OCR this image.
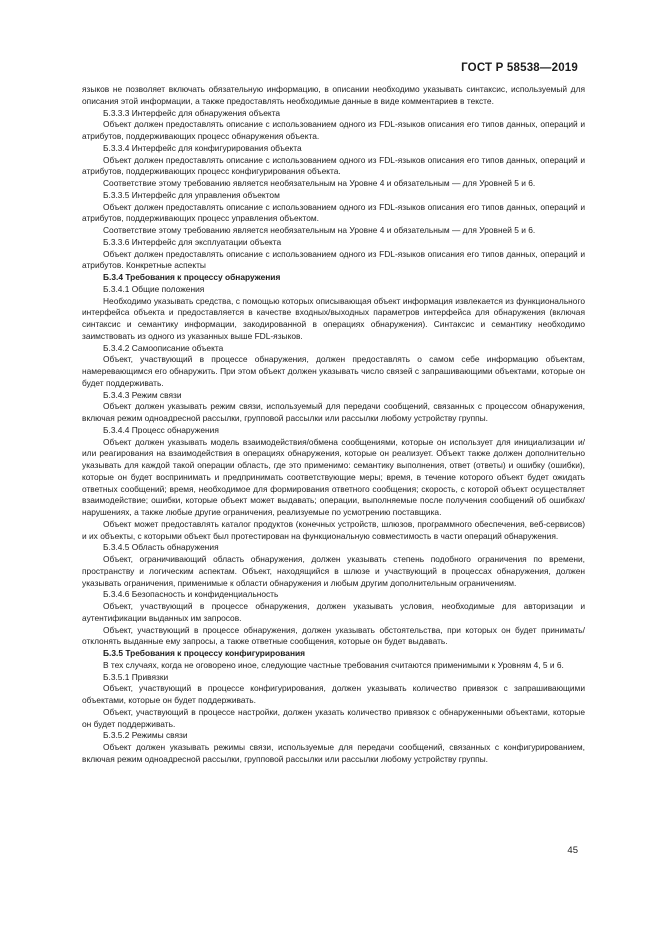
ГОСТ Р 58538—2019

языков не позволяет включать обязательную информацию, в описании необходимо указывать синтаксис, используемый для описания этой информации, а также предоставлять необходимые данные в виде комментариев в тексте.

Б.3.3.3 Интерфейс для обнаружения объекта

Объект должен предоставлять описание с использованием одного из FDL-языков описания его типов данных, операций и атрибутов, поддерживающих процесс обнаружения объекта.

Б.3.3.4 Интерфейс для конфигурирования объекта

Объект должен предоставлять описание с использованием одного из FDL-языков описания его типов данных, операций и атрибутов, поддерживающих процесс конфигурирования объекта.

Соответствие этому требованию является необязательным на Уровне 4 и обязательным — для Уровней 5 и 6.

Б.3.3.5 Интерфейс для управления объектом

Объект должен предоставлять описание с использованием одного из FDL-языков описания его типов данных, операций и атрибутов, поддерживающих процесс управления объектом.

Соответствие этому требованию является необязательным на Уровне 4 и обязательным — для Уровней 5 и 6.

Б.3.3.6 Интерфейс для эксплуатации объекта

Объект должен предоставлять описание с использованием одного из FDL-языков описания его типов данных, операций и атрибутов. Конкретные аспекты

Б.3.4 Требования к процессу обнаружения

Б.3.4.1 Общие положения

Необходимо указывать средства, с помощью которых описывающая объект информация извлекается из функционального интерфейса объекта и предоставляется в качестве входных/выходных параметров интерфейса для обнаружения (включая синтаксис и семантику информации, закодированной в операциях обнаружения). Синтаксис и семантику необходимо заимствовать из одного из указанных выше FDL-языков.

Б.3.4.2 Самоописание объекта

Объект, участвующий в процессе обнаружения, должен предоставлять о самом себе информацию объектам, намеревающимся его обнаружить. При этом объект должен указывать число связей с запрашивающими объектами, которые он будет поддерживать.

Б.3.4.3 Режим связи

Объект должен указывать режим связи, используемый для передачи сообщений, связанных с процессом обнаружения, включая режим одноадресной рассылки, групповой рассылки или рассылки любому устройству группы.

Б.3.4.4 Процесс обнаружения

Объект должен указывать модель взаимодействия/обмена сообщениями, которые он использует для инициализации и/или реагирования на взаимодействия в операциях обнаружения, которые он реализует. Объект также должен дополнительно указывать для каждой такой операции область, где это применимо: семантику выполнения, ответ (ответы) и ошибку (ошибки), которые он будет воспринимать и предпринимать соответствующие меры; время, в течение которого объект будет ожидать ответных сообщений; время, необходимое для формирования ответного сообщения; скорость, с которой объект осуществляет взаимодействие; ошибки, которые объект может выдавать; операции, выполняемые после получения сообщений об ошибках/нарушениях, а также любые другие ограничения, реализуемые по усмотрению поставщика.

Объект может предоставлять каталог продуктов (конечных устройств, шлюзов, программного обеспечения, веб-сервисов) и их объекты, с которыми объект был протестирован на функциональную совместимость в части операций обнаружения.

Б.3.4.5 Область обнаружения

Объект, ограничивающий область обнаружения, должен указывать степень подобного ограничения по времени, пространству и логическим аспектам. Объект, находящийся в шлюзе и участвующий в процессах обнаружения, должен указывать ограничения, применимые к области обнаружения и любым другим дополнительным ограничениям.

Б.3.4.6 Безопасность и конфиденциальность

Объект, участвующий в процессе обнаружения, должен указывать условия, необходимые для авторизации и аутентификации выданных им запросов.

Объект, участвующий в процессе обнаружения, должен указывать обстоятельства, при которых он будет принимать/отклонять выданные ему запросы, а также ответные сообщения, которые он будет выдавать.

Б.3.5 Требования к процессу конфигурирования

В тех случаях, когда не оговорено иное, следующие частные требования считаются применимыми к Уровням 4, 5 и 6.

Б.3.5.1 Привязки

Объект, участвующий в процессе конфигурирования, должен указывать количество привязок с запрашивающими объектами, которые он будет поддерживать.

Объект, участвующий в процессе настройки, должен указать количество привязок с обнаруженными объектами, которые он будет поддерживать.

Б.3.5.2 Режимы связи

Объект должен указывать режимы связи, используемые для передачи сообщений, связанных с конфигурированием, включая режим одноадресной рассылки, групповой рассылки или рассылки любому устройству группы.

45
